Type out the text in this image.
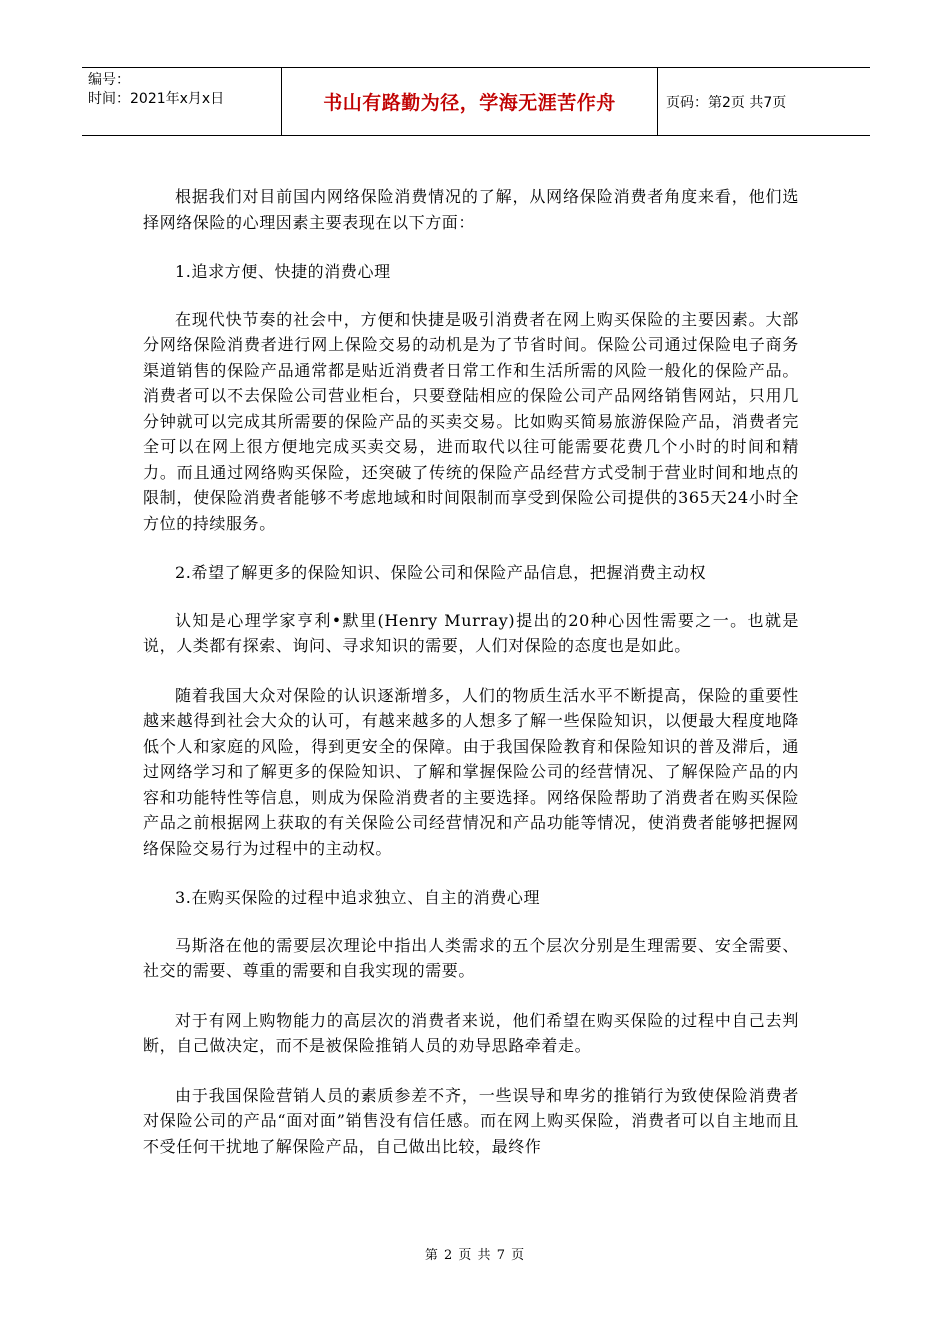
编号：
时间：2021年x月x日	书山有路勤为径，学海无涯苦作舟	页码：第2页 共7页

根据我们对目前国内网络保险消费情况的了解，从网络保险消费者角度来看，他们选择网络保险的心理因素主要表现在以下方面：

1.追求方便、快捷的消费心理

在现代快节奏的社会中，方便和快捷是吸引消费者在网上购买保险的主要因素。大部分网络保险消费者进行网上保险交易的动机是为了节省时间。保险公司通过保险电子商务渠道销售的保险产品通常都是贴近消费者日常工作和生活所需的风险一般化的保险产品。消费者可以不去保险公司营业柜台，只要登陆相应的保险公司产品网络销售网站，只用几分钟就可以完成其所需要的保险产品的买卖交易。比如购买简易旅游保险产品，消费者完全可以在网上很方便地完成买卖交易，进而取代以往可能需要花费几个小时的时间和精力。而且通过网络购买保险，还突破了传统的保险产品经营方式受制于营业时间和地点的限制，使保险消费者能够不考虑地域和时间限制而享受到保险公司提供的365天24小时全方位的持续服务。

2.希望了解更多的保险知识、保险公司和保险产品信息，把握消费主动权

认知是心理学家亨利•默里(Henry Murray)提出的20种心因性需要之一。也就是说，人类都有探索、询问、寻求知识的需要，人们对保险的态度也是如此。

随着我国大众对保险的认识逐渐增多，人们的物质生活水平不断提高，保险的重要性越来越得到社会大众的认可，有越来越多的人想多了解一些保险知识，以便最大程度地降低个人和家庭的风险，得到更安全的保障。由于我国保险教育和保险知识的普及滞后，通过网络学习和了解更多的保险知识、了解和掌握保险公司的经营情况、了解保险产品的内容和功能特性等信息，则成为保险消费者的主要选择。网络保险帮助了消费者在购买保险产品之前根据网上获取的有关保险公司经营情况和产品功能等情况，使消费者能够把握网络保险交易行为过程中的主动权。

3.在购买保险的过程中追求独立、自主的消费心理

马斯洛在他的需要层次理论中指出人类需求的五个层次分别是生理需要、安全需要、社交的需要、尊重的需要和自我实现的需要。

对于有网上购物能力的高层次的消费者来说，他们希望在购买保险的过程中自己去判断，自己做决定，而不是被保险推销人员的劝导思路牵着走。

由于我国保险营销人员的素质参差不齐，一些误导和卑劣的推销行为致使保险消费者对保险公司的产品“面对面”销售没有信任感。而在网上购买保险，消费者可以自主地而且不受任何干扰地了解保险产品，自己做出比较，最终作

第 2 页 共 7 页
